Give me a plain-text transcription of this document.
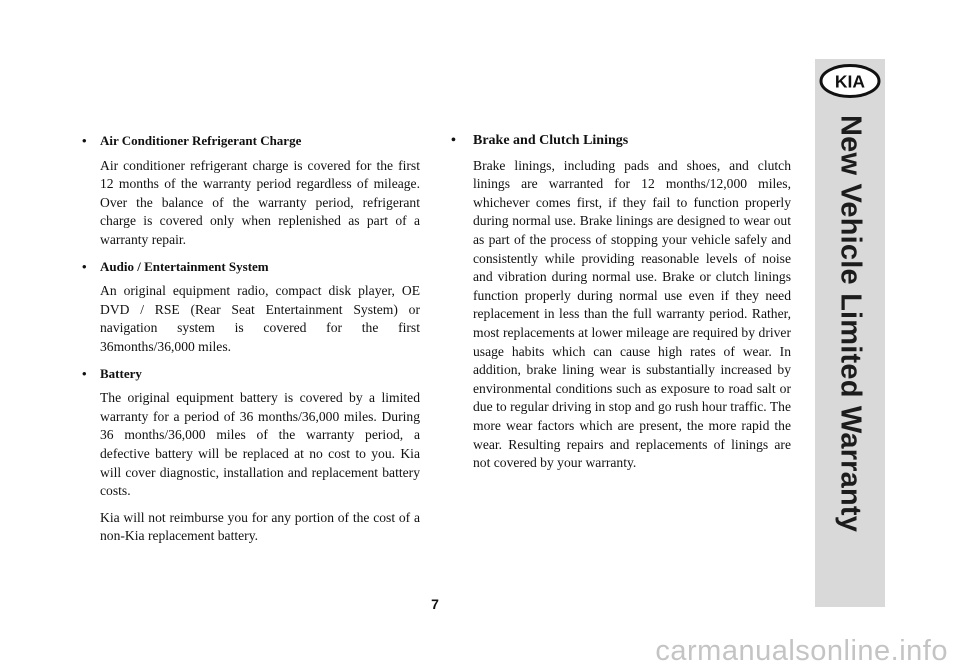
• Air Conditioner Refrigerant Charge

Air conditioner refrigerant charge is covered for the first 12 months of the warranty period regardless of mileage. Over the balance of the warranty period, refrigerant charge is covered only when replenished as part of a warranty repair.

• Audio / Entertainment System

An original equipment radio, compact disk player, OE DVD / RSE (Rear Seat Entertainment System) or navigation system is covered for the first 36months/36,000 miles.

• Battery

The original equipment battery is covered by a limited warranty for a period of 36 months/36,000 miles. During 36 months/36,000 miles of the warranty period, a defective battery will be replaced at no cost to you. Kia will cover diagnostic, installation and replacement battery costs.

Kia will not reimburse you for any portion of the cost of a non-Kia replacement battery.

• Brake and Clutch Linings

Brake linings, including pads and shoes, and clutch linings are warranted for 12 months/12,000 miles, whichever comes first, if they fail to function properly during normal use. Brake linings are designed to wear out as part of the process of stopping your vehicle safely and consistently while providing reasonable levels of noise and vibration during normal use. Brake or clutch linings function properly during normal use even if they need replacement in less than the full warranty period. Rather, most replacements at lower mileage are required by driver usage habits which can cause high rates of wear. In addition, brake lining wear is substantially increased by environmental conditions such as exposure to road salt or due to regular driving in stop and go rush hour traffic. The more wear factors which are present, the more rapid the wear. Resulting repairs and replacements of linings are not covered by your warranty.

KIA
New Vehicle Limited Warranty
7
carmanualsonline.info
